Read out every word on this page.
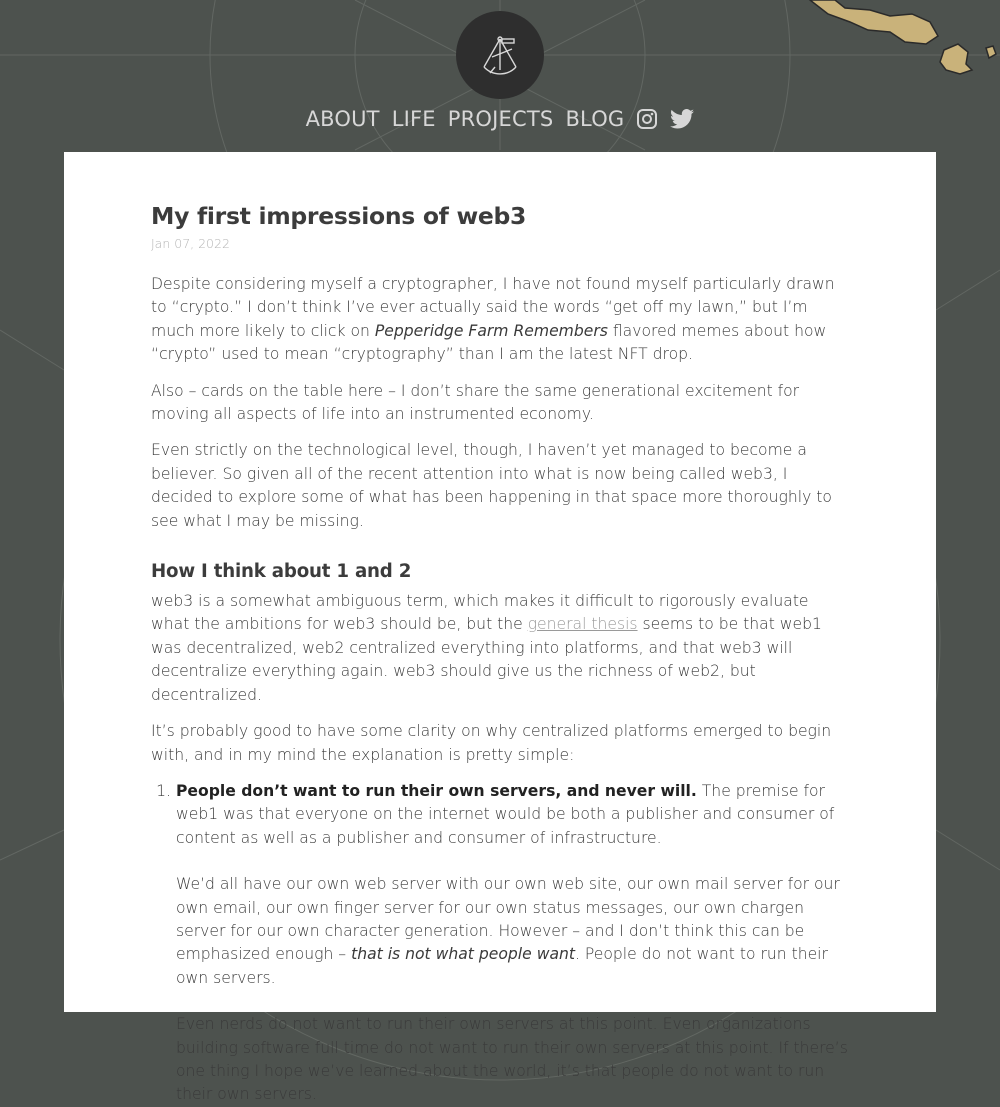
ABOUT LIFE PROJECTS BLOG
My first impressions of web3
Jan 07, 2022

Despite considering myself a cryptographer, I have not found myself particularly drawn to “crypto.” I don’t think I’ve ever actually said the words “get off my lawn,” but I’m much more likely to click on Pepperidge Farm Remembers flavored memes about how “crypto” used to mean “cryptography” than I am the latest NFT drop.

Also – cards on the table here – I don’t share the same generational excitement for moving all aspects of life into an instrumented economy.

Even strictly on the technological level, though, I haven’t yet managed to become a believer. So given all of the recent attention into what is now being called web3, I decided to explore some of what has been happening in that space more thoroughly to see what I may be missing.

How I think about 1 and 2

web3 is a somewhat ambiguous term, which makes it difficult to rigorously evaluate what the ambitions for web3 should be, but the general thesis seems to be that web1 was decentralized, web2 centralized everything into platforms, and that web3 will decentralize everything again. web3 should give us the richness of web2, but decentralized.

It’s probably good to have some clarity on why centralized platforms emerged to begin with, and in my mind the explanation is pretty simple:

1. People don’t want to run their own servers, and never will. The premise for web1 was that everyone on the internet would be both a publisher and consumer of content as well as a publisher and consumer of infrastructure.
We’d all have our own web server with our own web site, our own mail server for our own email, our own finger server for our own status messages, our own chargen server for our own character generation. However – and I don’t think this can be emphasized enough – that is not what people want. People do not want to run their own servers.
Even nerds do not want to run their own servers at this point. Even organizations building software full time do not want to run their own servers at this point. If there’s one thing I hope we’ve learned about the world, it’s that people do not want to run their own servers.
